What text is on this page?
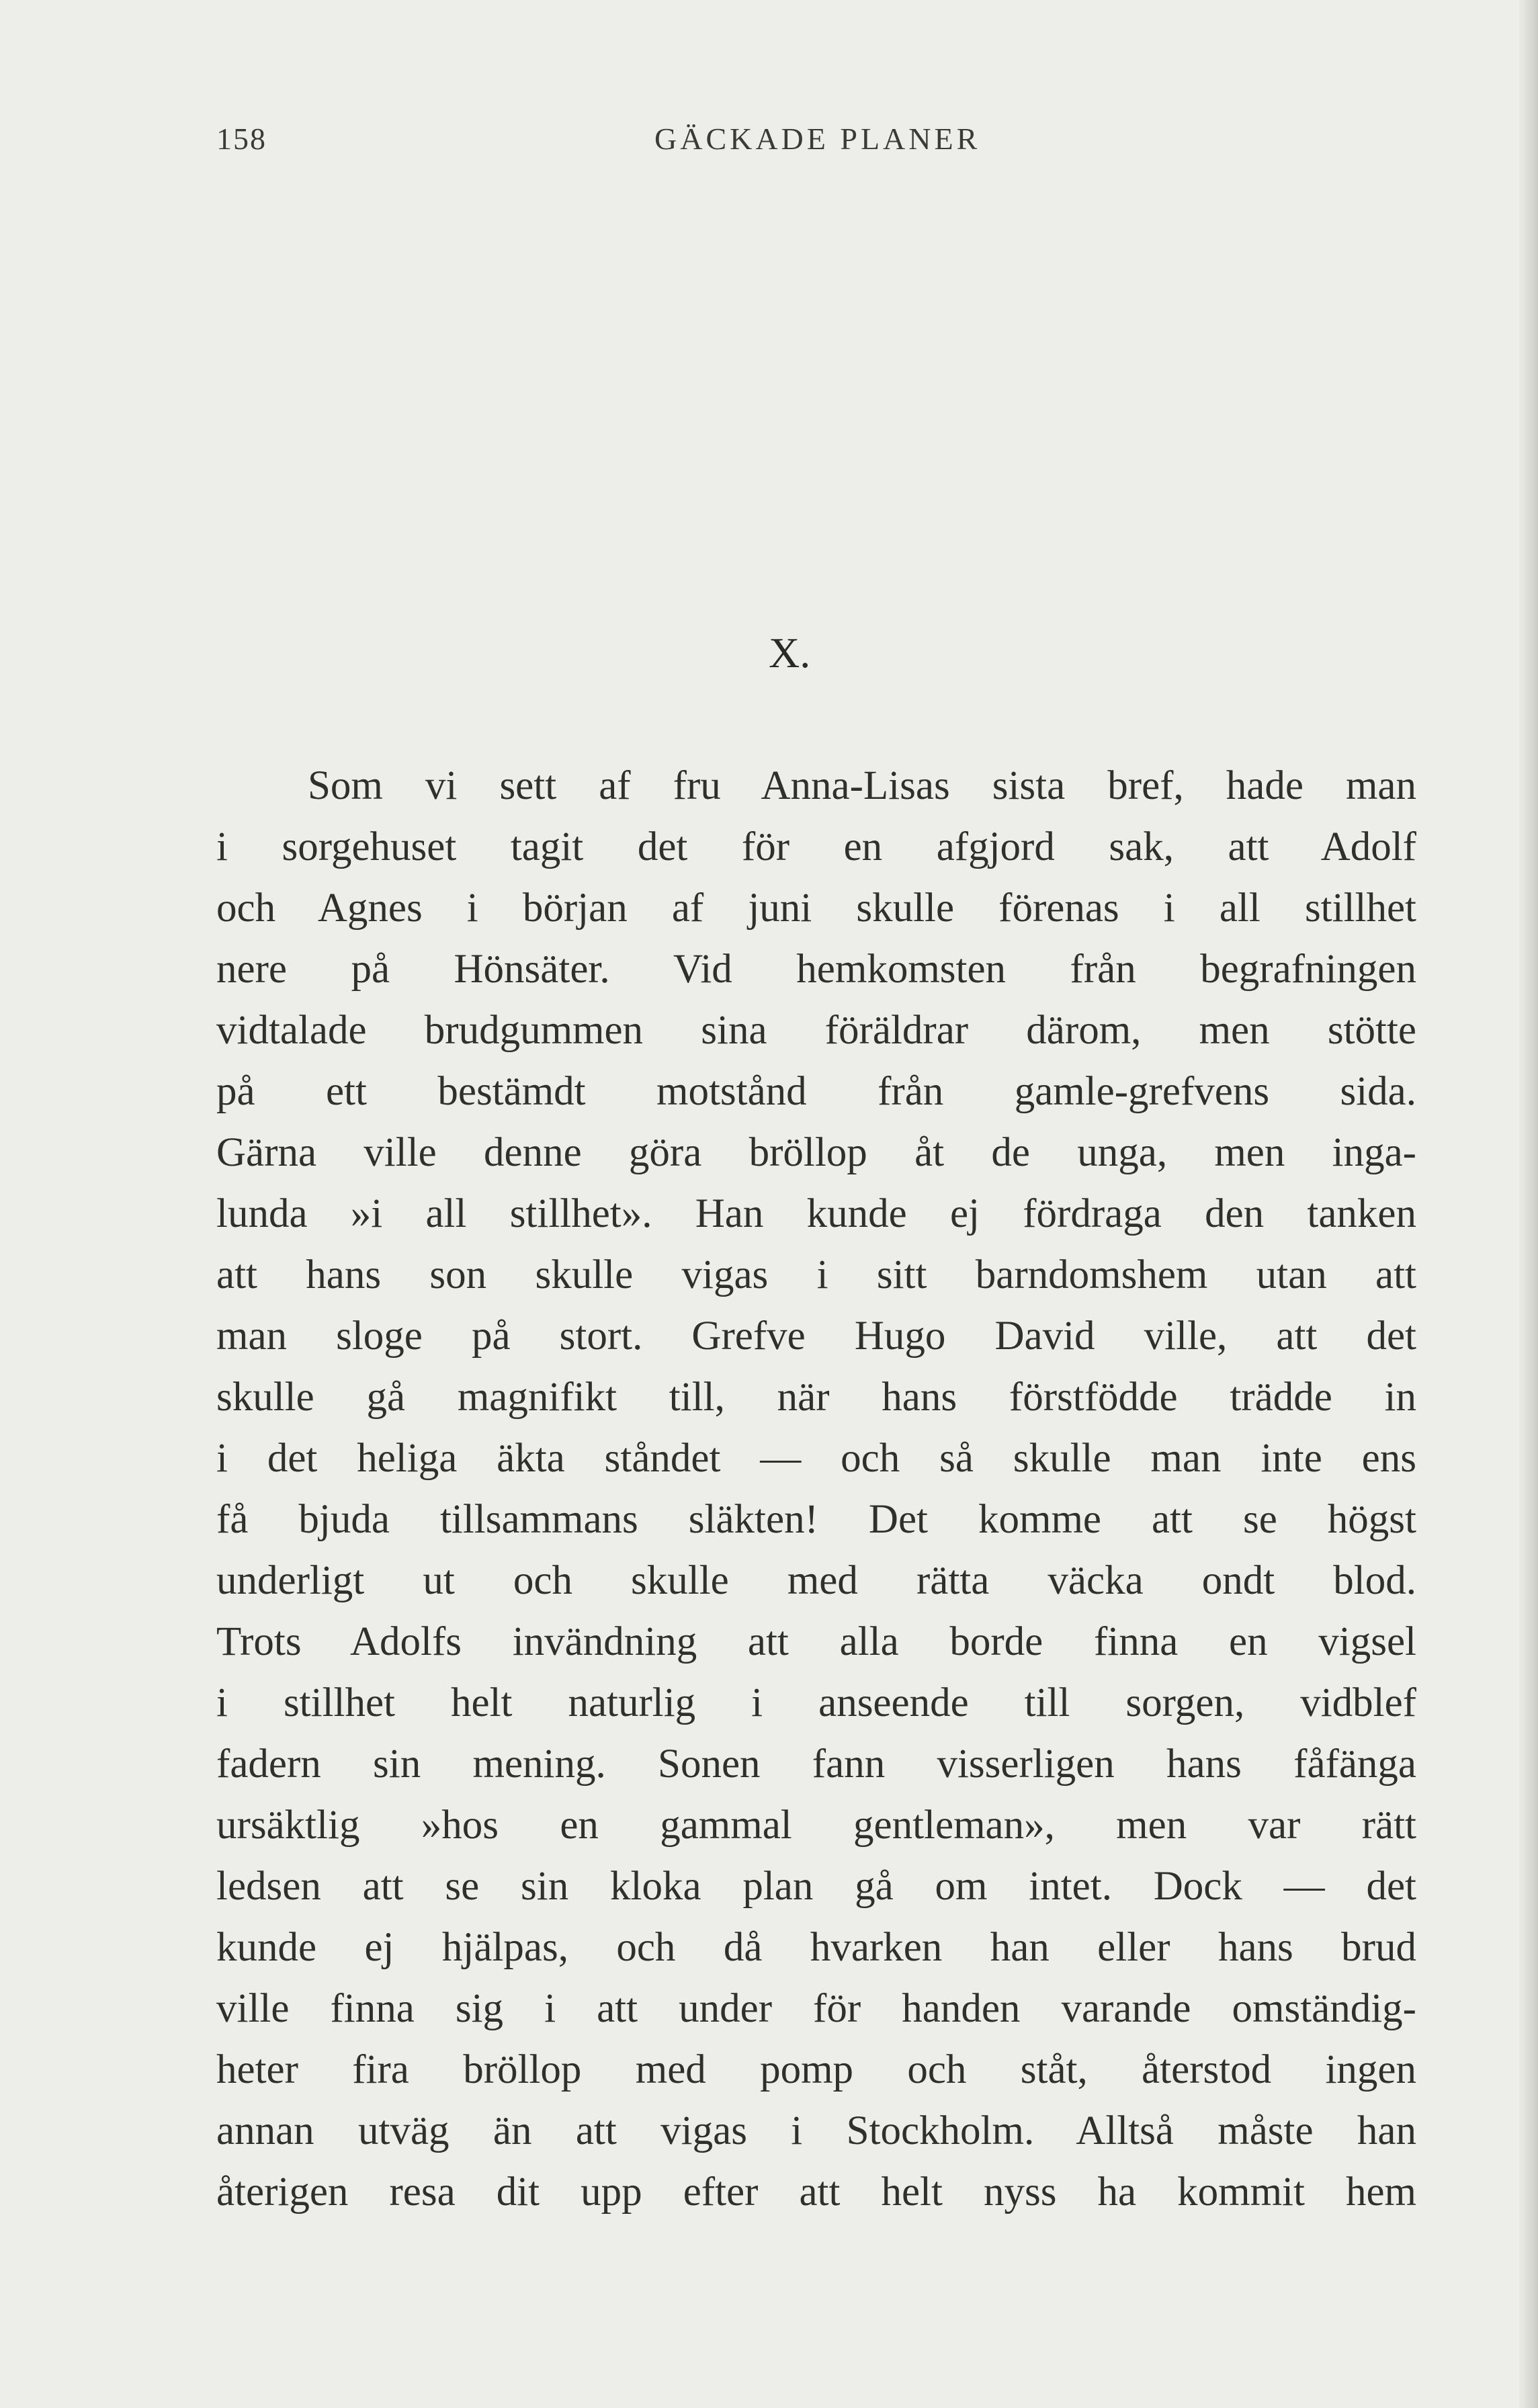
158	GÄCKADE PLANER
X.
Som vi sett af fru Anna-Lisas sista bref, hade man
i sorgehuset tagit det för en afgjord sak, att Adolf
och Agnes i början af juni skulle förenas i all stillhet
nere på Hönsäter. Vid hemkomsten från begrafningen
vidtalade brudgummen sina föräldrar därom, men stötte
på ett bestämdt motstånd från gamle-grefvens sida.
Gärna ville denne göra bröllop åt de unga, men inga-
lunda »i all stillhet». Han kunde ej fördraga den tanken
att hans son skulle vigas i sitt barndomshem utan att
man sloge på stort. Grefve Hugo David ville, att det
skulle gå magnifikt till, när hans förstfödde trädde in
i det heliga äkta ståndet — och så skulle man inte ens
få bjuda tillsammans släkten! Det komme att se högst
underligt ut och skulle med rätta väcka ondt blod.
Trots Adolfs invändning att alla borde finna en vigsel
i stillhet helt naturlig i anseende till sorgen, vidblef
fadern sin mening. Sonen fann visserligen hans fåfänga
ursäktlig »hos en gammal gentleman», men var rätt
ledsen att se sin kloka plan gå om intet. Dock — det
kunde ej hjälpas, och då hvarken han eller hans brud
ville finna sig i att under för handen varande omständig-
heter fira bröllop med pomp och ståt, återstod ingen
annan utväg än att vigas i Stockholm. Alltså måste han
återigen resa dit upp efter att helt nyss ha kommit hem
